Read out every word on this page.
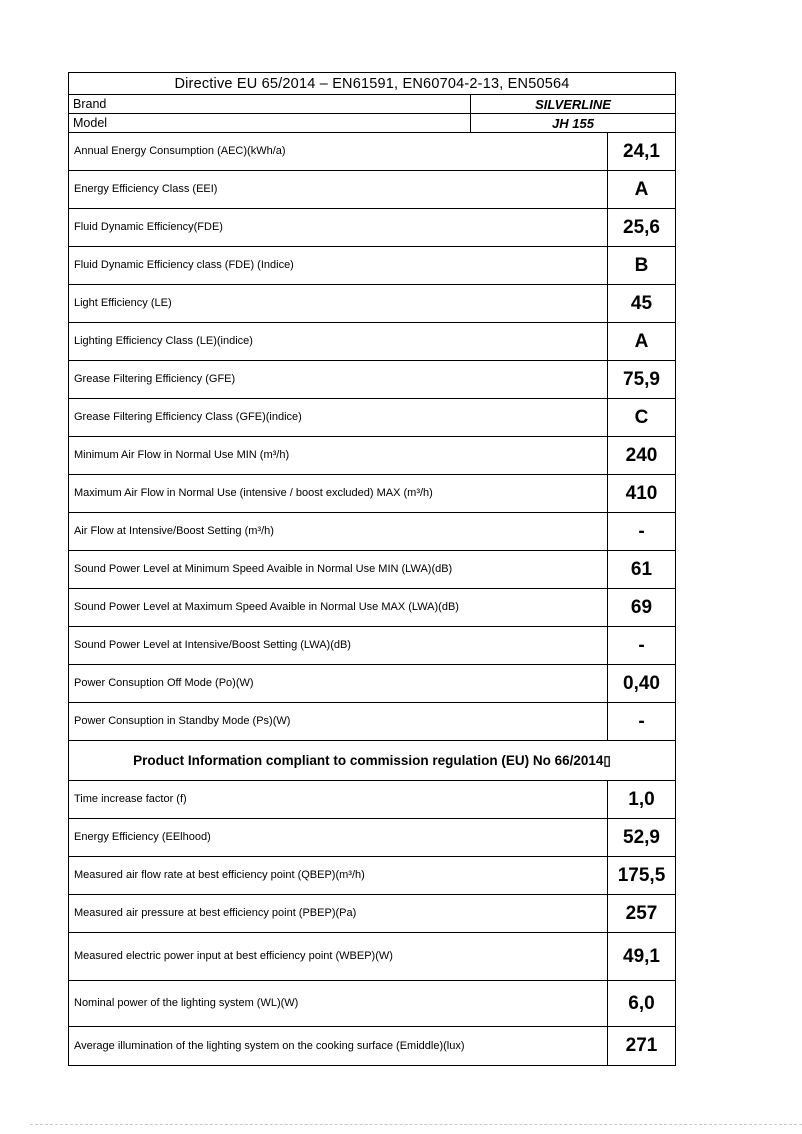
Directive EU 65/2014 – EN61591, EN60704-2-13, EN50564
Brand	SILVERLINE
Model	JH 155
Annual Energy Consumption (AEC)(kWh/a)	24,1
Energy Efficiency Class (EEI)	A
Fluid Dynamic Efficiency(FDE)	25,6
Fluid Dynamic Efficiency class (FDE) (Indice)	B
Light Efficiency (LE)	45
Lighting Efficiency Class (LE)(indice)	A
Grease Filtering Efficiency (GFE)	75,9
Grease Filtering Efficiency Class (GFE)(indice)	C
Minimum Air Flow in Normal Use MIN (m³/h)	240
Maximum Air Flow in Normal Use (intensive / boost excluded) MAX (m³/h)	410
Air Flow at Intensive/Boost Setting (m³/h)	-
Sound Power Level at Minimum Speed Avaible in Normal Use MIN (LWA)(dB)	61
Sound Power Level at Maximum Speed Avaible in Normal Use MAX (LWA)(dB)	69
Sound Power Level at Intensive/Boost Setting (LWA)(dB)	-
Power Consuption Off Mode (Po)(W)	0,40
Power Consuption in Standby Mode (Ps)(W)	-
Product Information compliant to commission regulation (EU) No 66/2014▯
Time increase factor (f)	1,0
Energy Efficiency (EElhood)	52,9
Measured air flow rate at best efficiency point (QBEP)(m³/h)	175,5
Measured air pressure at best efficiency point (PBEP)(Pa)	257
Measured electric power input at best efficiency point (WBEP)(W)	49,1
Nominal power of the lighting system (WL)(W)	6,0
Average illumination of the lighting system on the cooking surface (Emiddle)(lux)	271
